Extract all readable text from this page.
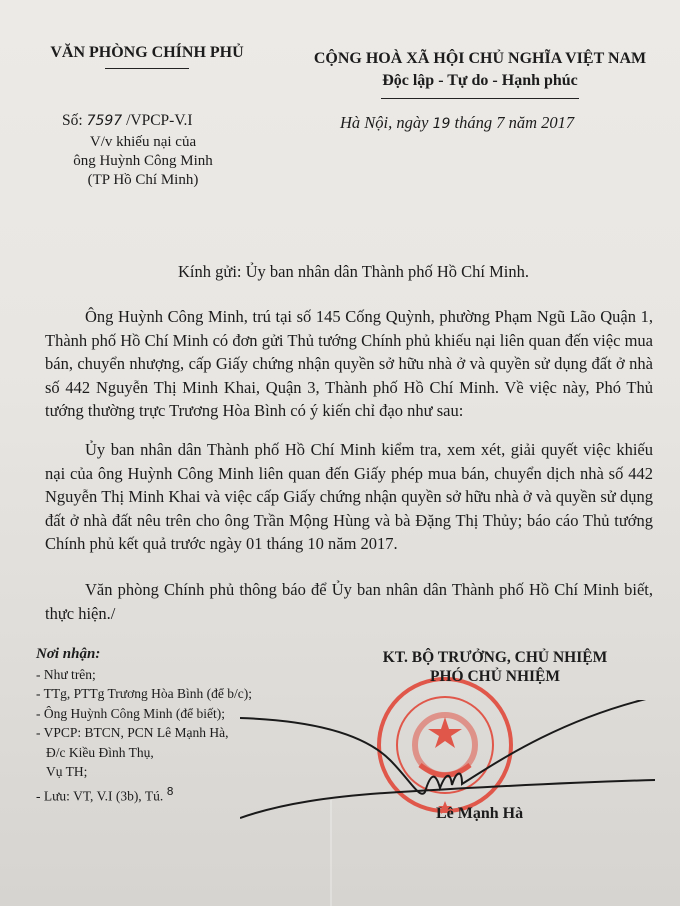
VĂN PHÒNG CHÍNH PHỦ
Số: 7597 /VPCP-V.I
V/v khiếu nại của
ông Huỳnh Công Minh
(TP Hồ Chí Minh)
CỘNG HOÀ XÃ HỘI CHỦ NGHĨA VIỆT NAM
Độc lập - Tự do - Hạnh phúc
Hà Nội, ngày 19 tháng 7 năm 2017
Kính gửi: Ủy ban nhân dân Thành phố Hồ Chí Minh.

Ông Huỳnh Công Minh, trú tại số 145 Cống Quỳnh, phường Phạm Ngũ Lão Quận 1, Thành phố Hồ Chí Minh có đơn gửi Thủ tướng Chính phủ khiếu nại liên quan đến việc mua bán, chuyển nhượng, cấp Giấy chứng nhận quyền sở hữu nhà ở và quyền sử dụng đất ở nhà số 442 Nguyễn Thị Minh Khai, Quận 3, Thành phố Hồ Chí Minh. Về việc này, Phó Thủ tướng thường trực Trương Hòa Bình có ý kiến chỉ đạo như sau:

Ủy ban nhân dân Thành phố Hồ Chí Minh kiểm tra, xem xét, giải quyết việc khiếu nại của ông Huỳnh Công Minh liên quan đến Giấy phép mua bán, chuyển dịch nhà số 442 Nguyễn Thị Minh Khai và việc cấp Giấy chứng nhận quyền sở hữu nhà ở và quyền sử dụng đất ở nhà đất nêu trên cho ông Trần Mộng Hùng và bà Đặng Thị Thủy; báo cáo Thủ tướng Chính phủ kết quả trước ngày 01 tháng 10 năm 2017.

Văn phòng Chính phủ thông báo để Ủy ban nhân dân Thành phố Hồ Chí Minh biết, thực hiện./

Nơi nhận:
- Như trên;
- TTg, PTTg Trương Hòa Bình (để b/c);
- Ông Huỳnh Công Minh (để biết);
- VPCP: BTCN, PCN Lê Mạnh Hà,
Đ/c Kiều Đình Thụ,
Vụ TH;
- Lưu: VT, V.I (3b), Tú. $^8$
KT. BỘ TRƯỞNG, CHỦ NHIỆM
PHÓ CHỦ NHIỆM
Lê Mạnh Hà
